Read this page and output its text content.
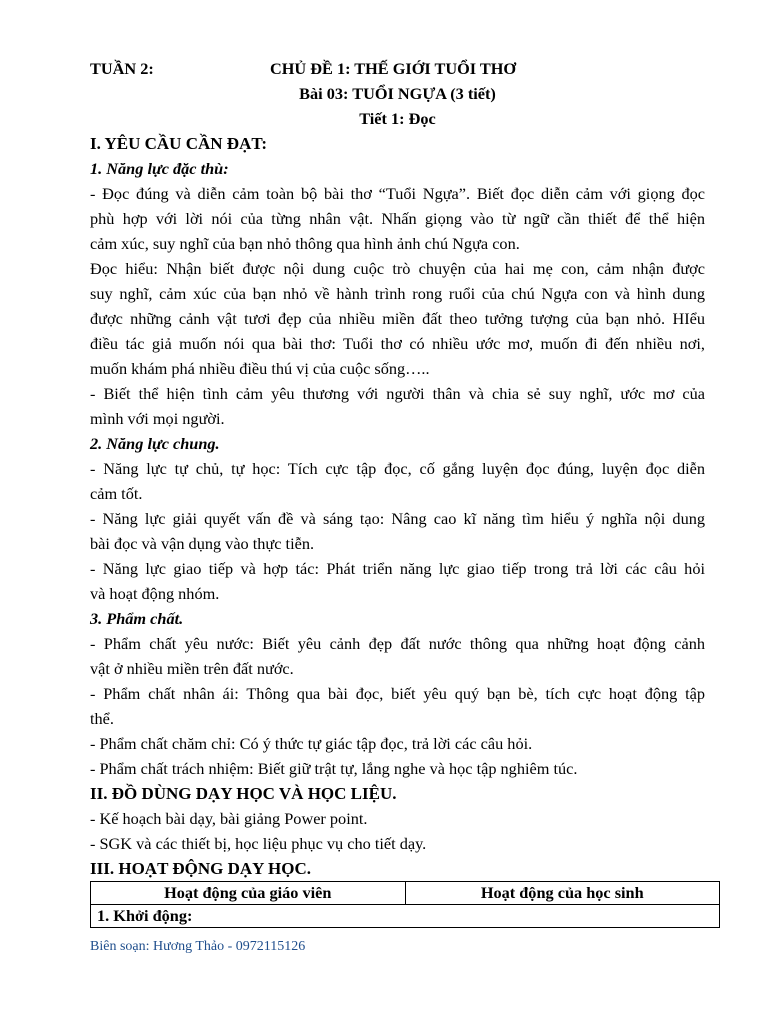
TUẦN 2:	CHỦ ĐỀ 1: THẾ GIỚI TUỔI THƠ
Bài 03: TUỔI NGỰA (3 tiết)
Tiết 1: Đọc
I. YÊU CẦU CẦN ĐẠT:
1. Năng lực đặc thù:
- Đọc đúng và diễn cảm toàn bộ bài thơ “Tuổi Ngựa”. Biết đọc diễn cảm với giọng đọc
phù hợp với lời nói của từng nhân vật. Nhấn giọng vào từ ngữ cần thiết để thể hiện
cảm xúc, suy nghĩ của bạn nhỏ thông qua hình ảnh chú Ngựa con.
Đọc hiểu: Nhận biết được nội dung cuộc trò chuyện của hai mẹ con, cảm nhận được
suy nghĩ, cảm xúc của bạn nhỏ về hành trình rong ruổi của chú Ngựa con và hình dung
được những cảnh vật tươi đẹp của nhiều miền đất theo tưởng tượng của bạn nhỏ. HIểu
điều tác giả muốn nói qua bài thơ: Tuổi thơ có nhiều ước mơ, muốn đi đến nhiều nơi,
muốn khám phá nhiều điều thú vị của cuộc sống…..
- Biết thể hiện tình cảm yêu thương với người thân và chia sẻ suy nghĩ, ước mơ của
mình với mọi người.
2. Năng lực chung.
- Năng lực tự chủ, tự học: Tích cực tập đọc, cố gắng luyện đọc đúng, luyện đọc diễn
cảm tốt.
- Năng lực giải quyết vấn đề và sáng tạo: Nâng cao kĩ năng tìm hiểu ý nghĩa nội dung
bài đọc và vận dụng vào thực tiễn.
- Năng lực giao tiếp và hợp tác: Phát triển năng lực giao tiếp trong trả lời các câu hỏi
và hoạt động nhóm.
3. Phẩm chất.
- Phẩm chất yêu nước: Biết yêu cảnh đẹp đất nước thông qua những hoạt động cảnh
vật ở nhiều miền trên đất nước.
- Phẩm chất nhân ái: Thông qua bài đọc, biết yêu quý bạn bè, tích cực hoạt động tập
thể.
- Phẩm chất chăm chỉ: Có ý thức tự giác tập đọc, trả lời các câu hỏi.
- Phẩm chất trách nhiệm: Biết giữ trật tự, lắng nghe và học tập nghiêm túc.
II. ĐỒ DÙNG DẠY HỌC VÀ HỌC LIỆU.
- Kế hoạch bài dạy, bài giảng Power point.
- SGK và các thiết bị, học liệu phục vụ cho tiết dạy.
III. HOẠT ĐỘNG DẠY HỌC.
Hoạt động của giáo viên	Hoạt động của học sinh
1. Khởi động:
Biên soạn: Hương Thảo - 0972115126
